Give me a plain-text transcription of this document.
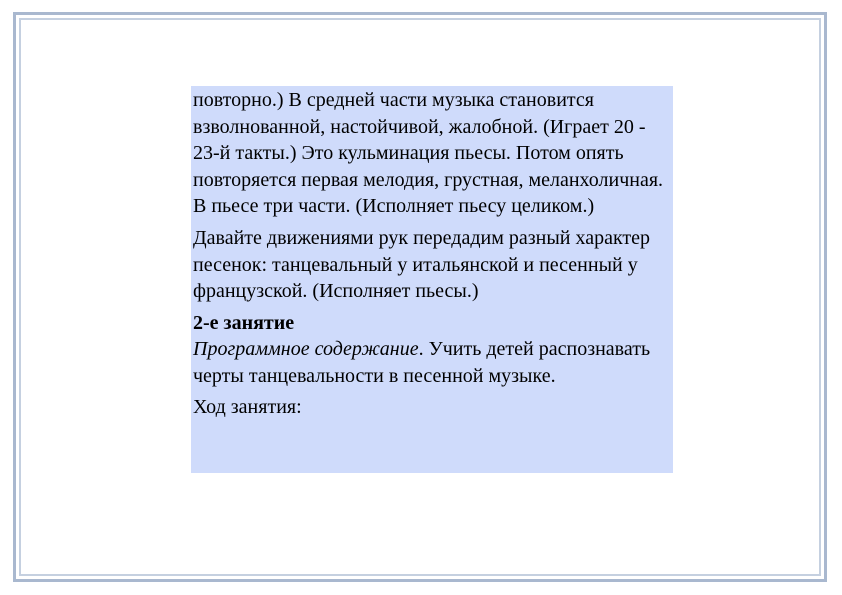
повторно.) В средней части музыка становится взволнованной, настойчивой, жалобной. (Играет 20 - 23-й такты.) Это кульминация пьесы. Потом опять повторяется первая мелодия, грустная, меланхоличная. В пьесе три части. (Исполняет пьесу целиком.)

Давайте движениями рук передадим разный характер песенок: танцевальный у итальянской и песенный у французской. (Исполняет пьесы.)

2-е занятие

Программное содержание. Учить детей распознавать черты танцевальности в песенной музыке.

Ход занятия:
